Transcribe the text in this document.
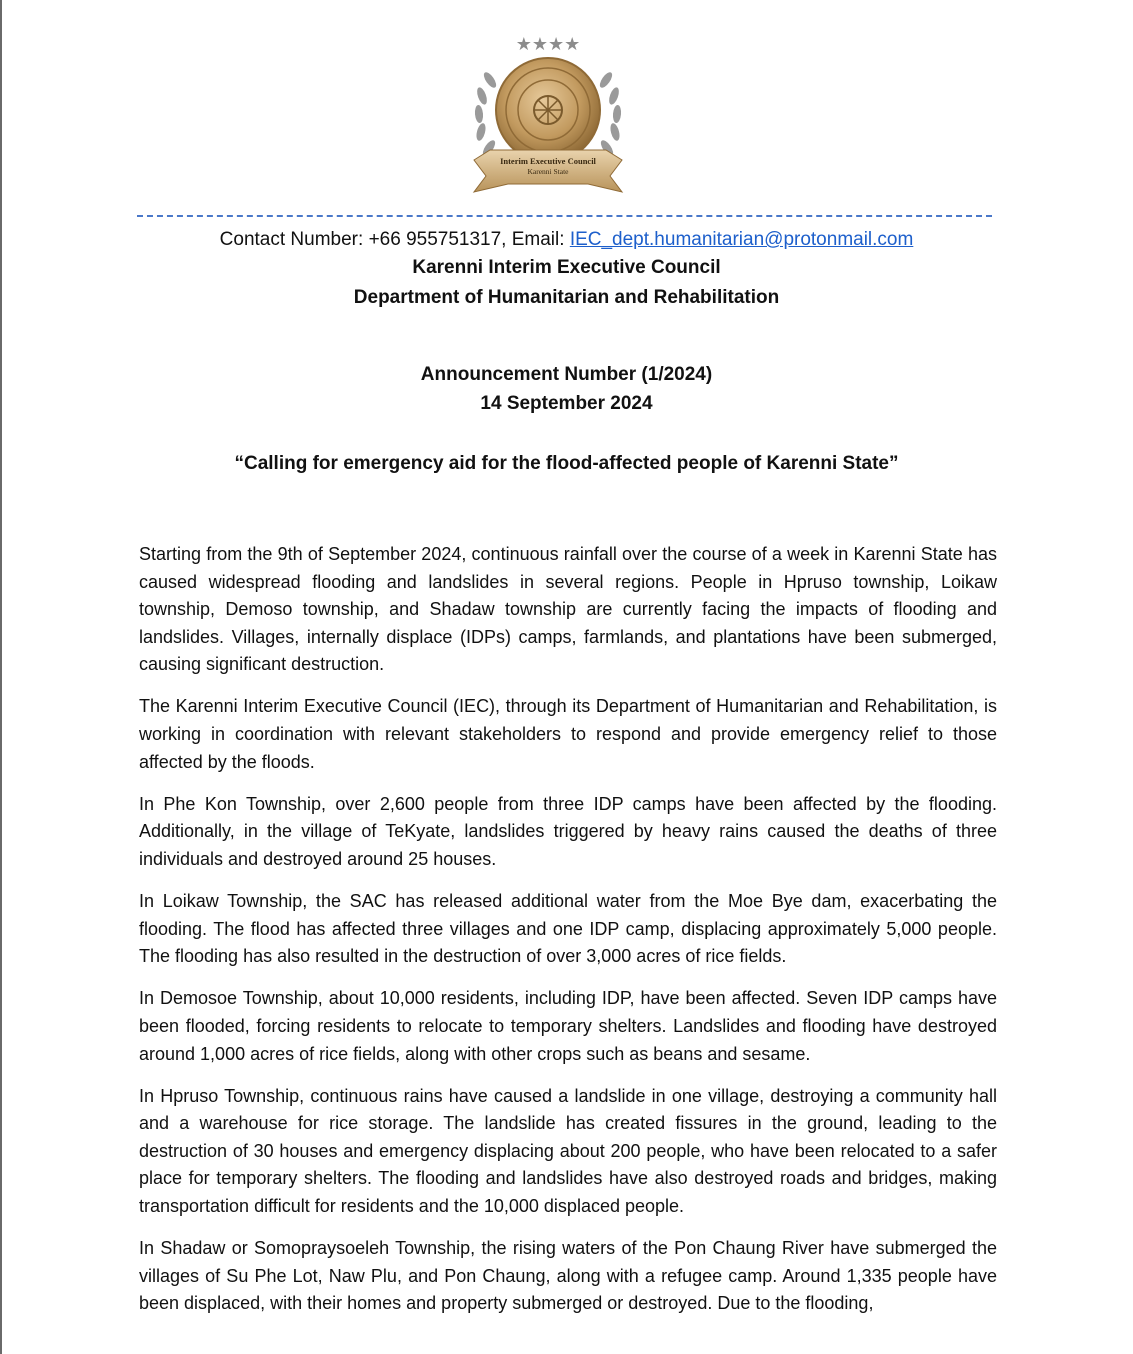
★★★★
Interim Executive Council
Karenni State
Contact Number: +66 955751317, Email: IEC_dept.humanitarian@protonmail.com
Karenni Interim Executive Council
Department of Humanitarian and Rehabilitation
Announcement Number (1/2024)
14 September 2024
“Calling for emergency aid for the flood-affected people of Karenni State”

Starting from the 9th of September 2024, continuous rainfall over the course of a week in Karenni State has caused widespread flooding and landslides in several regions. People in Hpruso township, Loikaw township, Demoso township, and Shadaw township are currently facing the impacts of flooding and landslides. Villages, internally displace (IDPs) camps, farmlands, and plantations have been submerged, causing significant destruction.

The Karenni Interim Executive Council (IEC), through its Department of Humanitarian and Rehabilitation, is working in coordination with relevant stakeholders to respond and provide emergency relief to those affected by the floods.

In Phe Kon Township, over 2,600 people from three IDP camps have been affected by the flooding. Additionally, in the village of TeKyate, landslides triggered by heavy rains caused the deaths of three individuals and destroyed around 25 houses.

In Loikaw Township, the SAC has released additional water from the Moe Bye dam, exacerbating the flooding. The flood has affected three villages and one IDP camp, displacing approximately 5,000 people. The flooding has also resulted in the destruction of over 3,000 acres of rice fields.

In Demosoe Township, about 10,000 residents, including IDP, have been affected. Seven IDP camps have been flooded, forcing residents to relocate to temporary shelters. Landslides and flooding have destroyed around 1,000 acres of rice fields, along with other crops such as beans and sesame.

In Hpruso Township, continuous rains have caused a landslide in one village, destroying a community hall and a warehouse for rice storage. The landslide has created fissures in the ground, leading to the destruction of 30 houses and emergency displacing about 200 people, who have been relocated to a safer place for temporary shelters. The flooding and landslides have also destroyed roads and bridges, making transportation difficult for residents and the 10,000 displaced people.

In Shadaw or Somopraysoeleh Township, the rising waters of the Pon Chaung River have submerged the villages of Su Phe Lot, Naw Plu, and Pon Chaung, along with a refugee camp. Around 1,335 people have been displaced, with their homes and property submerged or destroyed. Due to the flooding,
